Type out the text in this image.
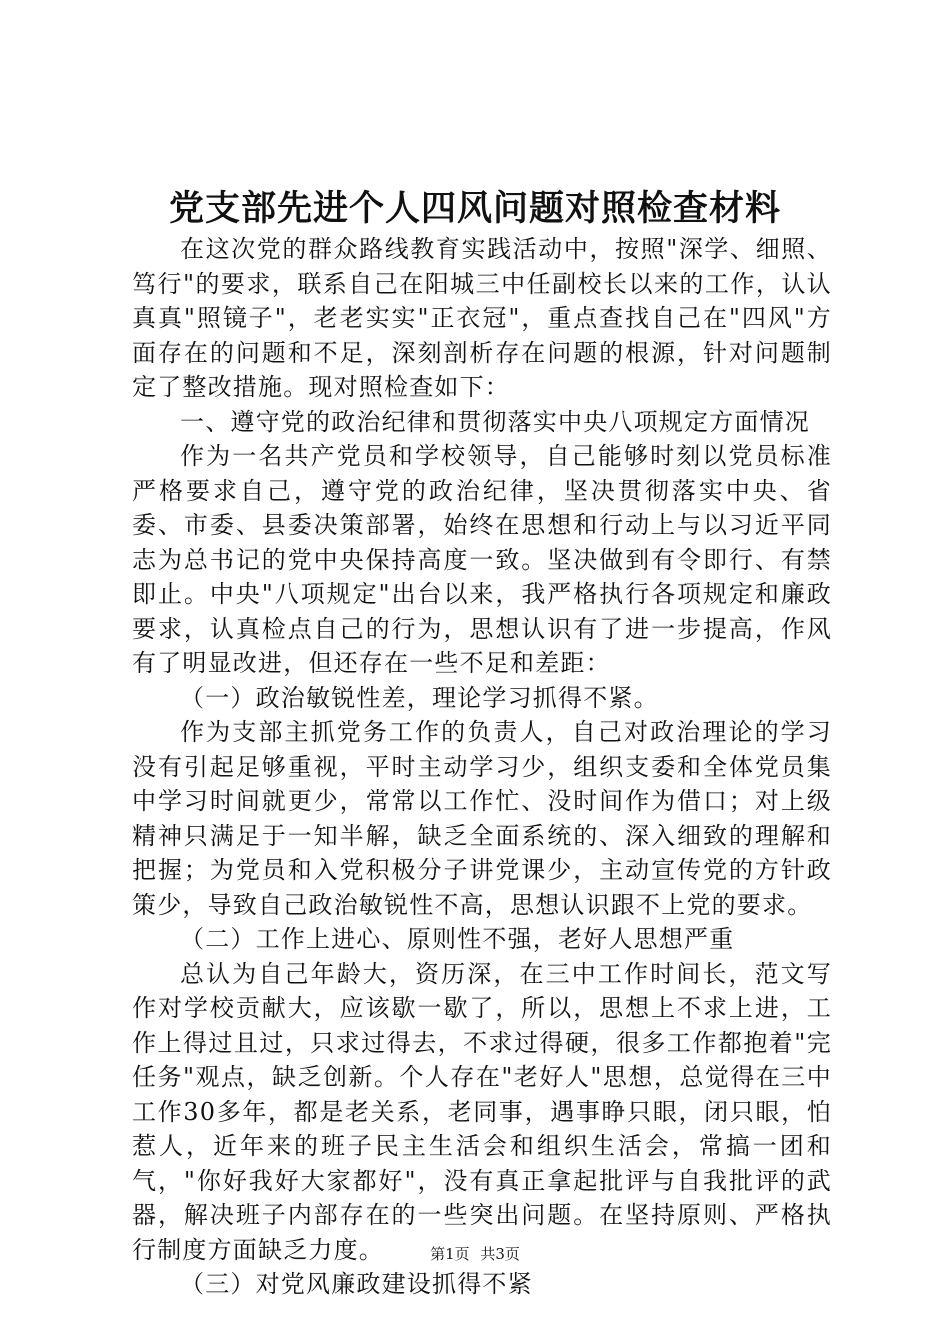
党支部先进个人四风问题对照检查材料

在这次党的群众路线教育实践活动中，按照"深学、细照、笃行"的要求，联系自己在阳城三中任副校长以来的工作，认认真真"照镜子"，老老实实"正衣冠"，重点查找自己在"四风"方面存在的问题和不足，深刻剖析存在问题的根源，针对问题制定了整改措施。现对照检查如下：

一、遵守党的政治纪律和贯彻落实中央八项规定方面情况

作为一名共产党员和学校领导，自己能够时刻以党员标准严格要求自己，遵守党的政治纪律，坚决贯彻落实中央、省委、市委、县委决策部署，始终在思想和行动上与以习近平同志为总书记的党中央保持高度一致。坚决做到有令即行、有禁即止。中央"八项规定"出台以来，我严格执行各项规定和廉政要求，认真检点自己的行为，思想认识有了进一步提高，作风有了明显改进，但还存在一些不足和差距：

（一）政治敏锐性差，理论学习抓得不紧。

作为支部主抓党务工作的负责人，自己对政治理论的学习没有引起足够重视，平时主动学习少，组织支委和全体党员集中学习时间就更少，常常以工作忙、没时间作为借口；对上级精神只满足于一知半解，缺乏全面系统的、深入细致的理解和把握；为党员和入党积极分子讲党课少，主动宣传党的方针政策少，导致自己政治敏锐性不高，思想认识跟不上党的要求。

（二）工作上进心、原则性不强，老好人思想严重

总认为自己年龄大，资历深，在三中工作时间长，范文写作对学校贡献大，应该歇一歇了，所以，思想上不求上进，工作上得过且过，只求过得去，不求过得硬，很多工作都抱着"完任务"观点，缺乏创新。个人存在"老好人"思想，总觉得在三中工作30多年，都是老关系，老同事，遇事睁只眼，闭只眼，怕惹人，近年来的班子民主生活会和组织生活会，常搞一团和气，"你好我好大家都好"，没有真正拿起批评与自我批评的武器，解决班子内部存在的一些突出问题。在坚持原则、严格执行制度方面缺乏力度。

（三）对党风廉政建设抓得不紧

第1页 共3页
